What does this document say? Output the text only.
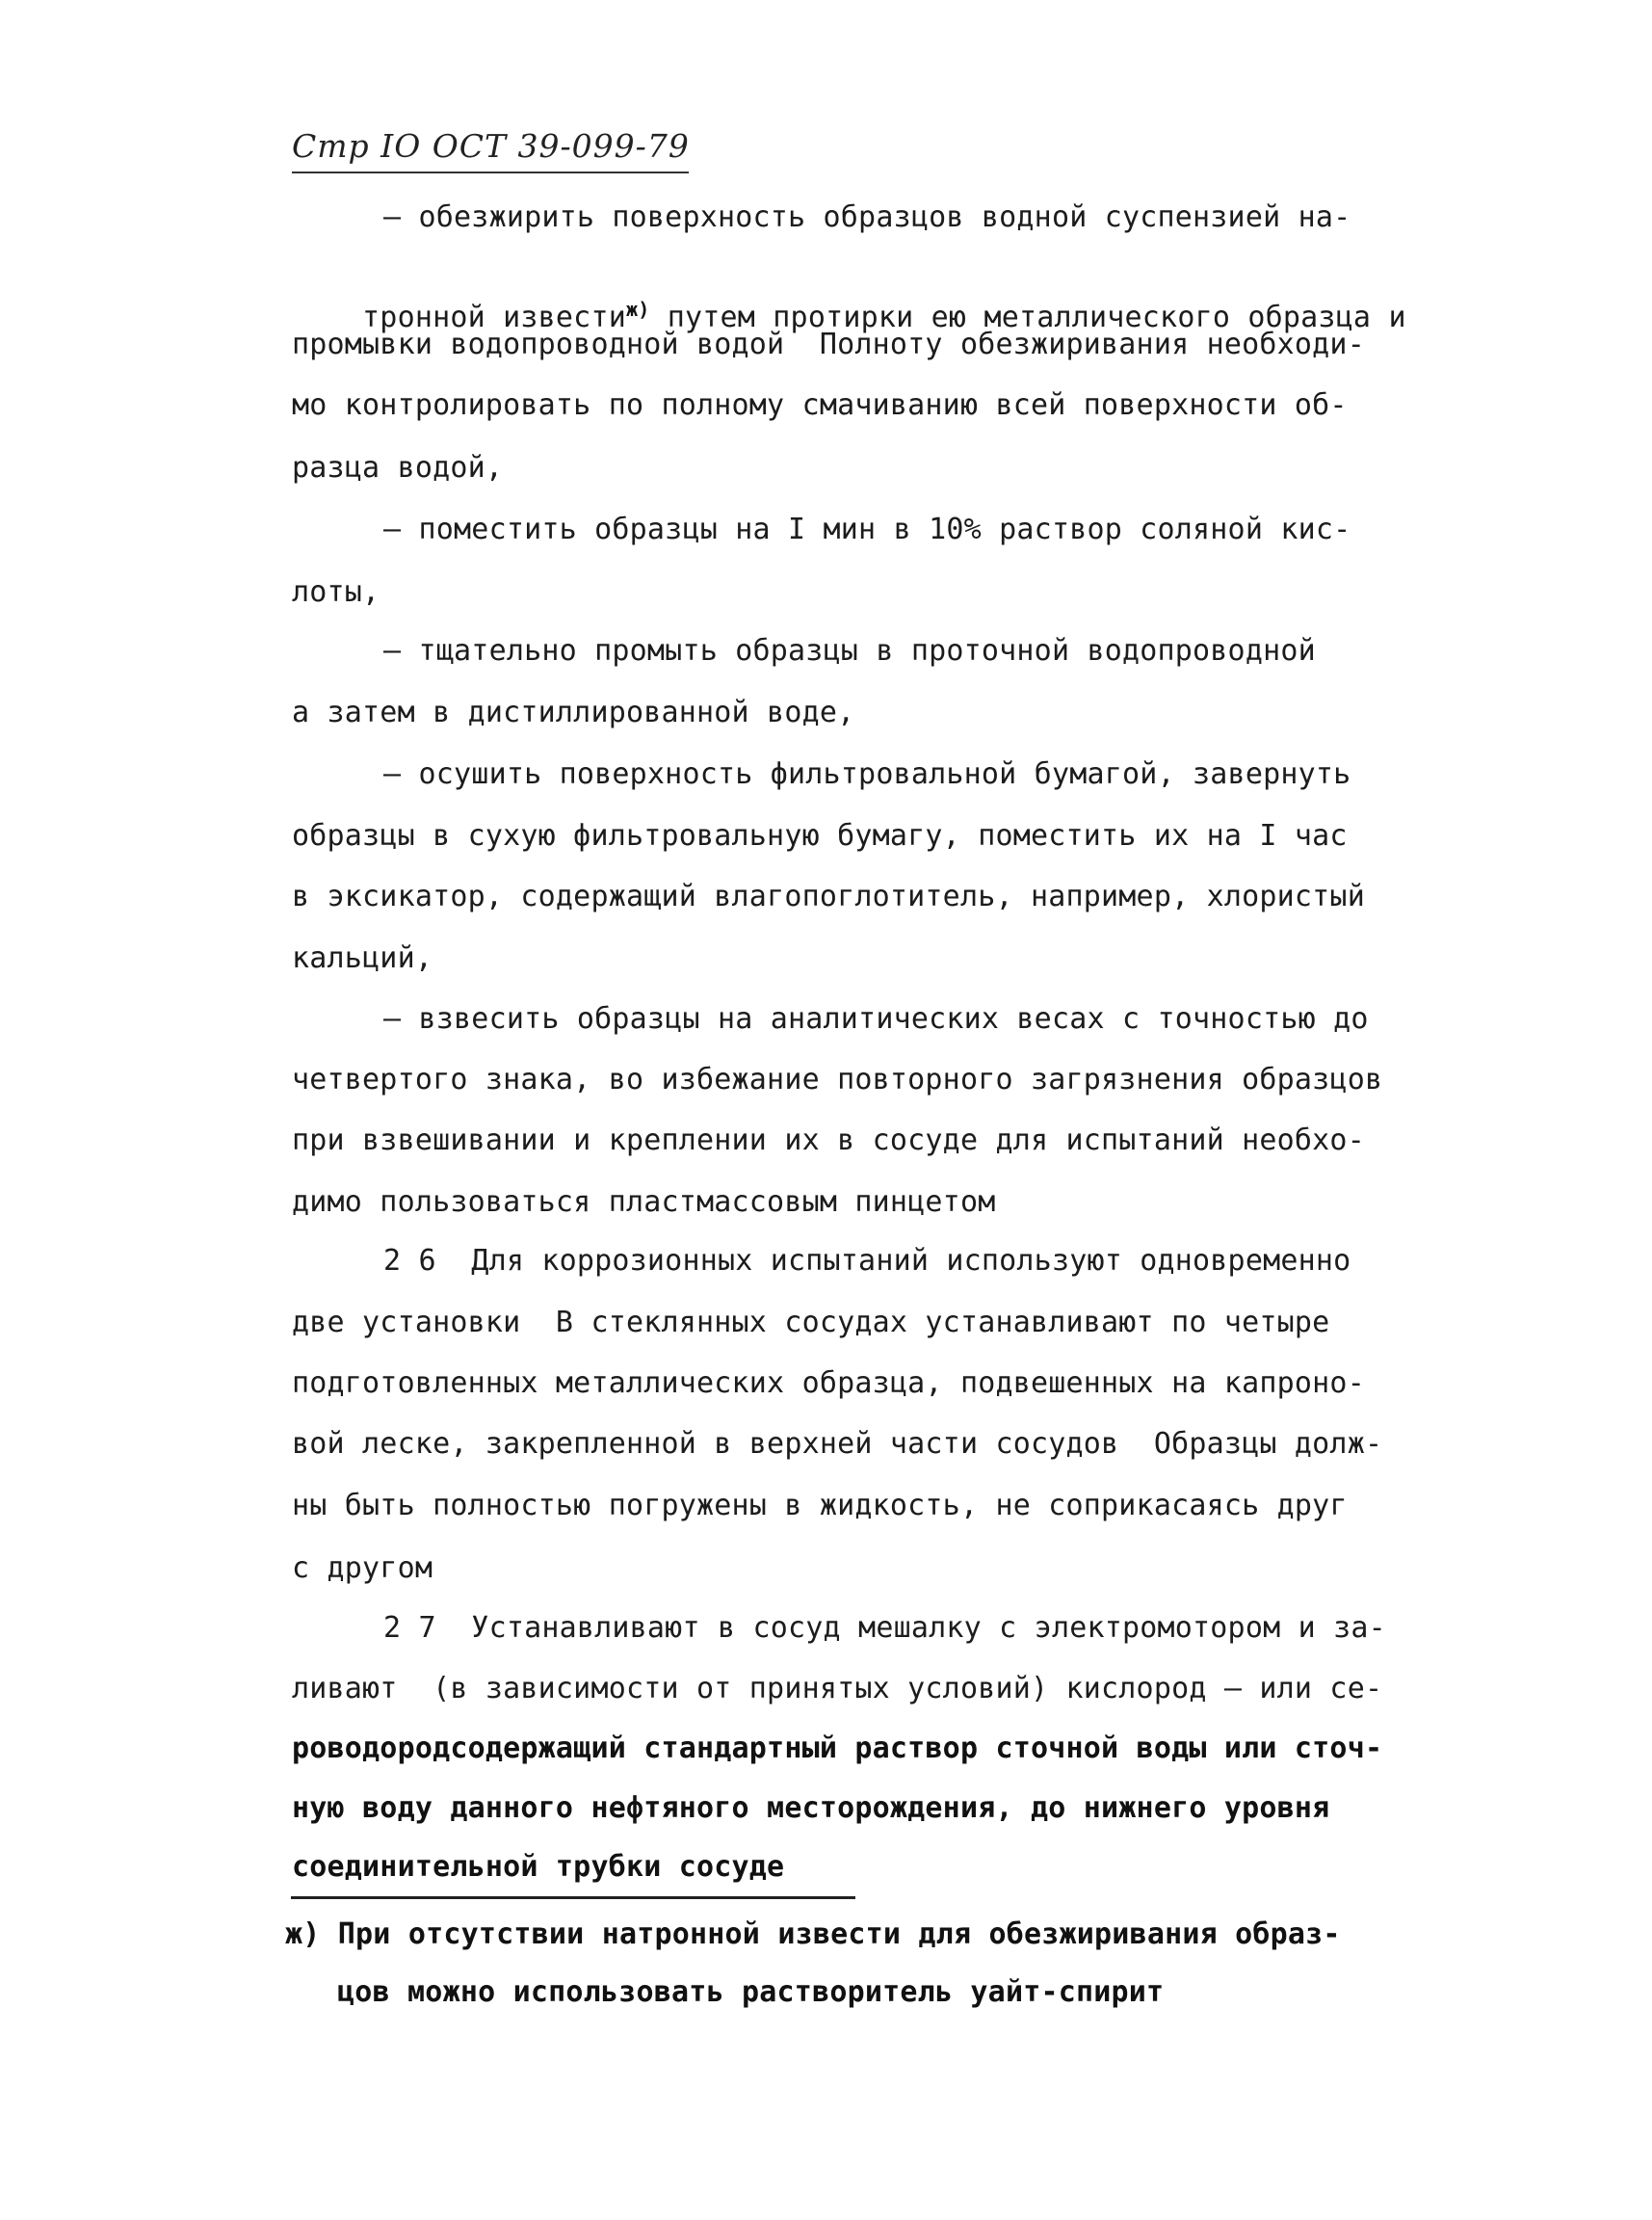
Стр IO ОСТ 39-099-79
– обезжирить поверхность образцов водной суспензией на-

тронной извести$^{ж)}$ путем протирки ею металлического образца и

промывки водопроводной водой  Полноту обезжиривания необходи-
мо контролировать по полному смачиванию всей поверхности об-
разца водой,
– поместить образцы на I мин в 10% раствор соляной кис-
лоты,
– тщательно промыть образцы в проточной водопроводной
а затем в дистиллированной воде,
– осушить поверхность фильтровальной бумагой, завернуть
образцы в сухую фильтровальную бумагу, поместить их на I час
в эксикатор, содержащий влагопоглотитель, например, хлористый
кальций,
– взвесить образцы на аналитических весах с точностью до
четвертого знака, во избежание повторного загрязнения образцов
при взвешивании и креплении их в сосуде для испытаний необхо-
димо пользоваться пластмассовым пинцетом
2 6  Для коррозионных испытаний используют одновременно
две установки  В стеклянных сосудах устанавливают по четыре
подготовленных металлических образца, подвешенных на капроно-
вой леске, закрепленной в верхней части сосудов  Образцы долж-
ны быть полностью погружены в жидкость, не соприкасаясь друг
с другом
2 7  Устанавливают в сосуд мешалку с электромотором и за-
ливают  (в зависимости от принятых условий) кислород – или се-
роводородсодержащий стандартный раствор сточной воды или сточ-
ную воду данного нефтяного месторождения, до нижнего уровня
соединительной трубки сосуде
ж) При отсутствии натронной извести для обезжиривания образ-
цов можно использовать растворитель уайт-спирит
